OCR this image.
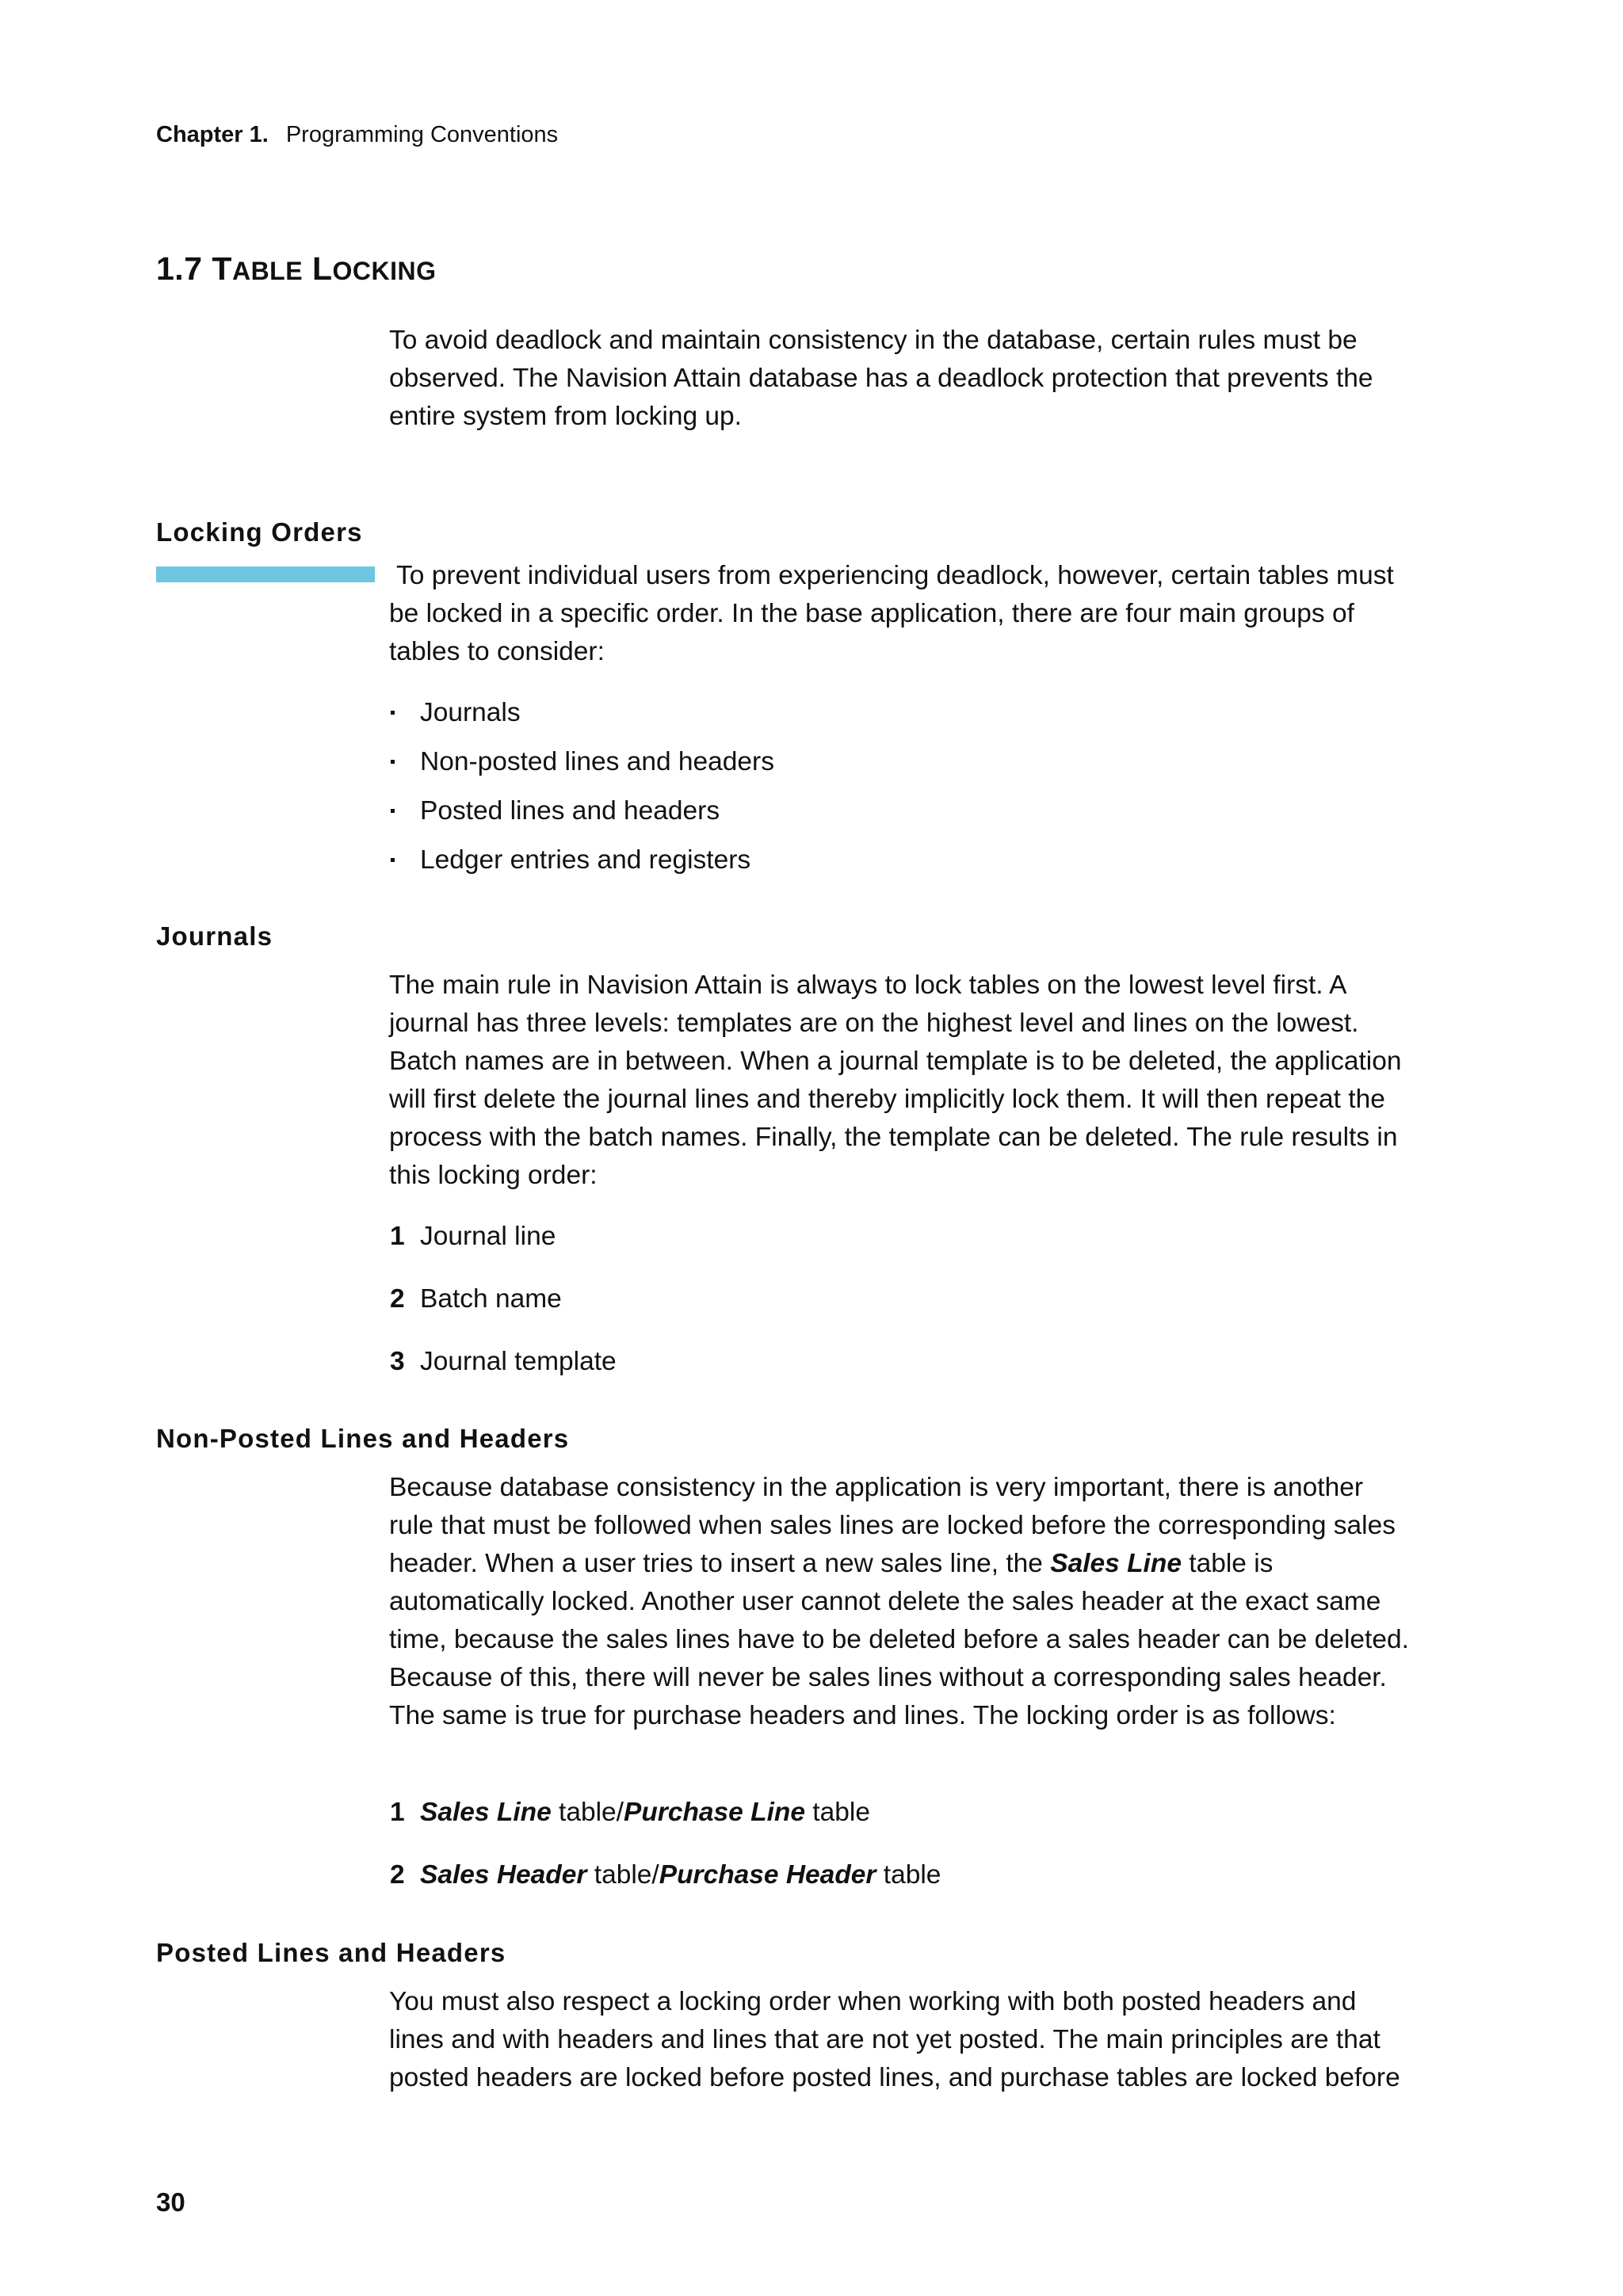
Chapter 1. Programming Conventions
1.7 TABLE LOCKING

To avoid deadlock and maintain consistency in the database, certain rules must be observed. The Navision Attain database has a deadlock protection that prevents the entire system from locking up.

Locking Orders

To prevent individual users from experiencing deadlock, however, certain tables must be locked in a specific order. In the base application, there are four main groups of tables to consider:

Journals
Non-posted lines and headers
Posted lines and headers
Ledger entries and registers
Journals

The main rule in Navision Attain is always to lock tables on the lowest level first. A journal has three levels: templates are on the highest level and lines on the lowest. Batch names are in between. When a journal template is to be deleted, the application will first delete the journal lines and thereby implicitly lock them. It will then repeat the process with the batch names. Finally, the template can be deleted. The rule results in this locking order:

1 Journal line
2 Batch name
3 Journal template
Non-Posted Lines and Headers

Because database consistency in the application is very important, there is another rule that must be followed when sales lines are locked before the corresponding sales header. When a user tries to insert a new sales line, the Sales Line table is automatically locked. Another user cannot delete the sales header at the exact same time, because the sales lines have to be deleted before a sales header can be deleted. Because of this, there will never be sales lines without a corresponding sales header. The same is true for purchase headers and lines. The locking order is as follows:

1 Sales Line table/Purchase Line table
2 Sales Header table/Purchase Header table
Posted Lines and Headers

You must also respect a locking order when working with both posted headers and lines and with headers and lines that are not yet posted. The main principles are that posted headers are locked before posted lines, and purchase tables are locked before

30
